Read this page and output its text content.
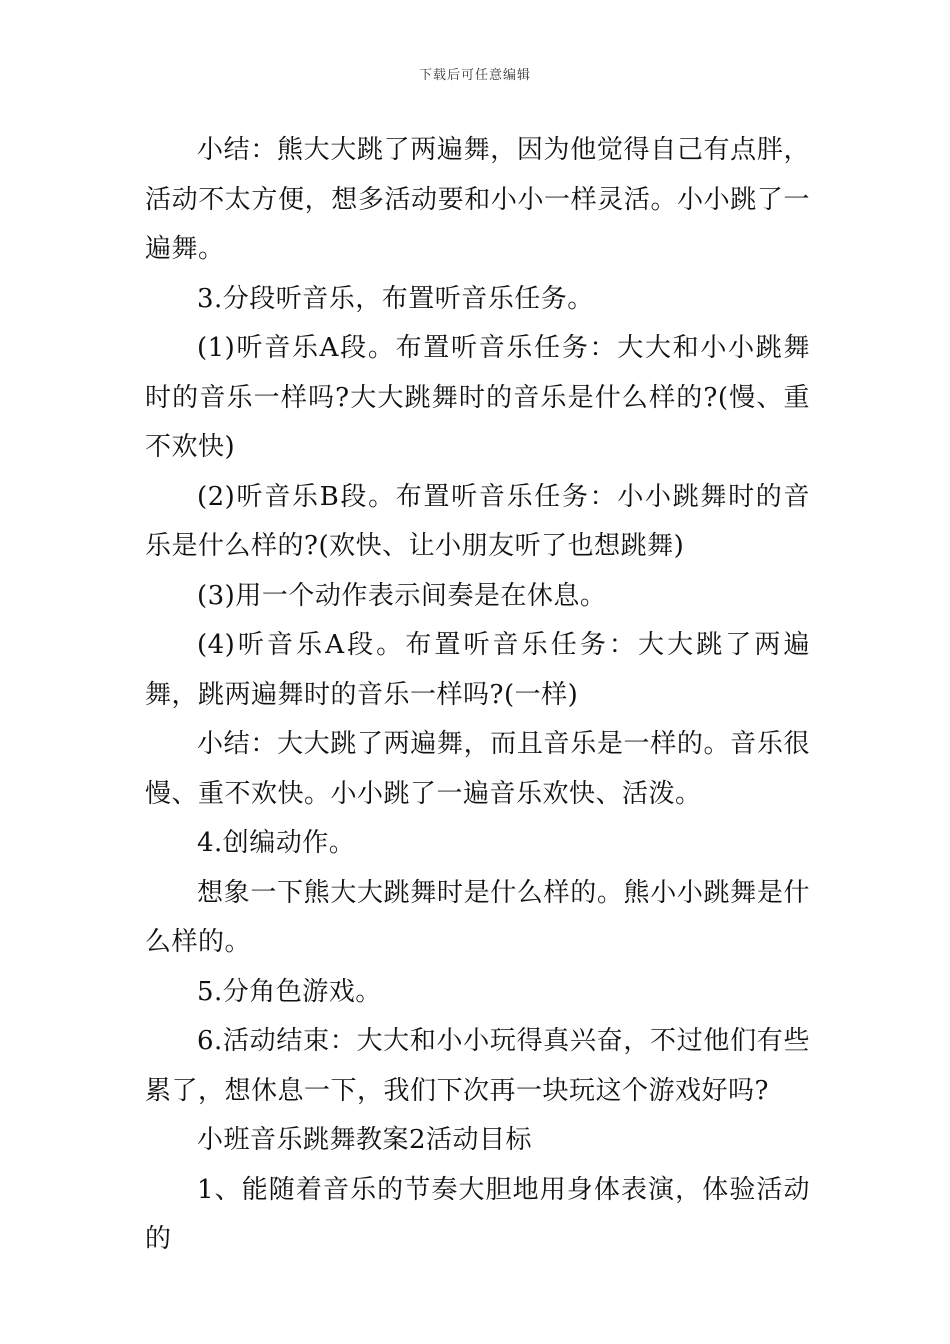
下载后可任意编辑

小结：熊大大跳了两遍舞，因为他觉得自己有点胖，活动不太方便，想多活动要和小小一样灵活。小小跳了一遍舞。

3.分段听音乐，布置听音乐任务。

(1)听音乐A段。布置听音乐任务：大大和小小跳舞时的音乐一样吗?大大跳舞时的音乐是什么样的?(慢、重不欢快)

(2)听音乐B段。布置听音乐任务：小小跳舞时的音乐是什么样的?(欢快、让小朋友听了也想跳舞)

(3)用一个动作表示间奏是在休息。

(4)听音乐A段。布置听音乐任务：大大跳了两遍舞，跳两遍舞时的音乐一样吗?(一样)

小结：大大跳了两遍舞，而且音乐是一样的。音乐很慢、重不欢快。小小跳了一遍音乐欢快、活泼。

4.创编动作。

想象一下熊大大跳舞时是什么样的。熊小小跳舞是什么样的。

5.分角色游戏。

6.活动结束：大大和小小玩得真兴奋，不过他们有些累了，想休息一下，我们下次再一块玩这个游戏好吗?

小班音乐跳舞教案2活动目标

1、能随着音乐的节奏大胆地用身体表演，体验活动的
